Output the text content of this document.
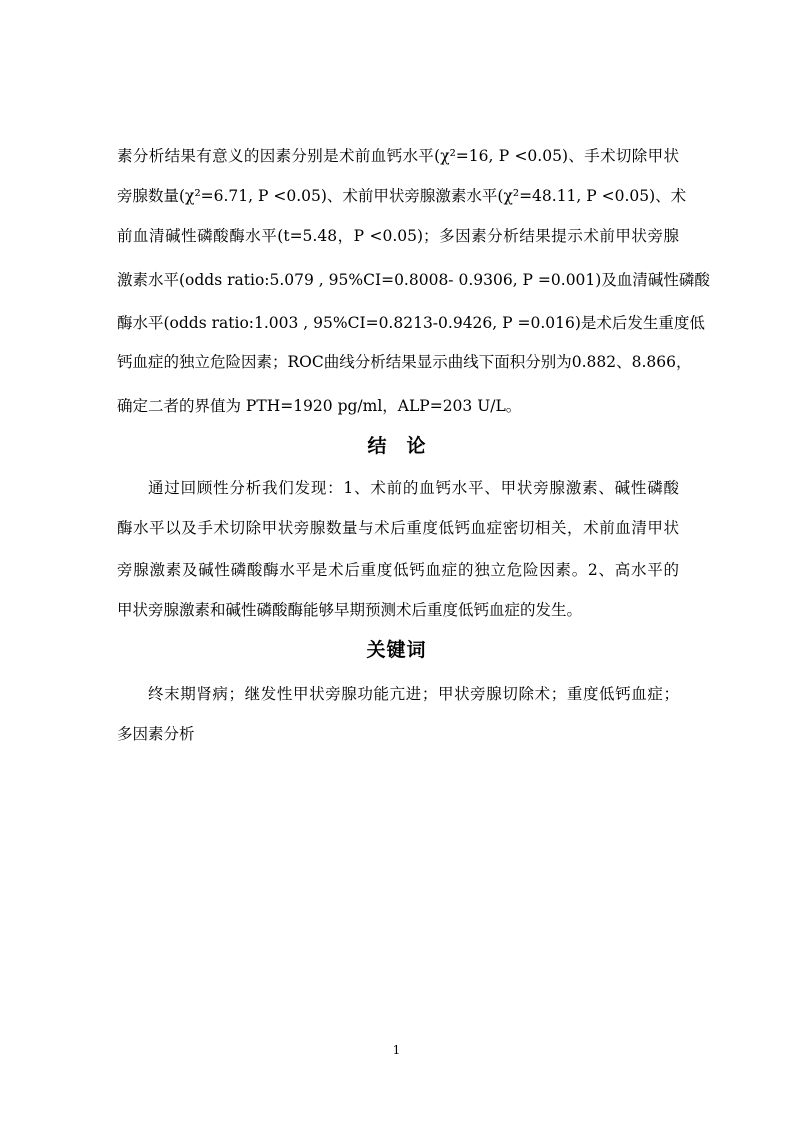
素分析结果有意义的因素分别是术前血钙水平(χ²=16, P <0.05)、手术切除甲状
旁腺数量(χ²=6.71, P <0.05)、术前甲状旁腺激素水平(χ²=48.11, P <0.05)、术
前血清碱性磷酸酶水平(t=5.48，P <0.05)；多因素分析结果提示术前甲状旁腺
激素水平(odds ratio:5.079 , 95%CI=0.8008- 0.9306, P =0.001)及血清碱性磷酸
酶水平(odds ratio:1.003 , 95%CI=0.8213-0.9426, P =0.016)是术后发生重度低
钙血症的独立危险因素；ROC曲线分析结果显示曲线下面积分别为0.882、8.866，
确定二者的界值为 PTH=1920 pg/ml，ALP=203 U/L。
结论
通过回顾性分析我们发现：1、术前的血钙水平、甲状旁腺激素、碱性磷酸
酶水平以及手术切除甲状旁腺数量与术后重度低钙血症密切相关，术前血清甲状
旁腺激素及碱性磷酸酶水平是术后重度低钙血症的独立危险因素。2、高水平的
甲状旁腺激素和碱性磷酸酶能够早期预测术后重度低钙血症的发生。
关键词
终末期肾病；继发性甲状旁腺功能亢进；甲状旁腺切除术；重度低钙血症；
多因素分析
1
